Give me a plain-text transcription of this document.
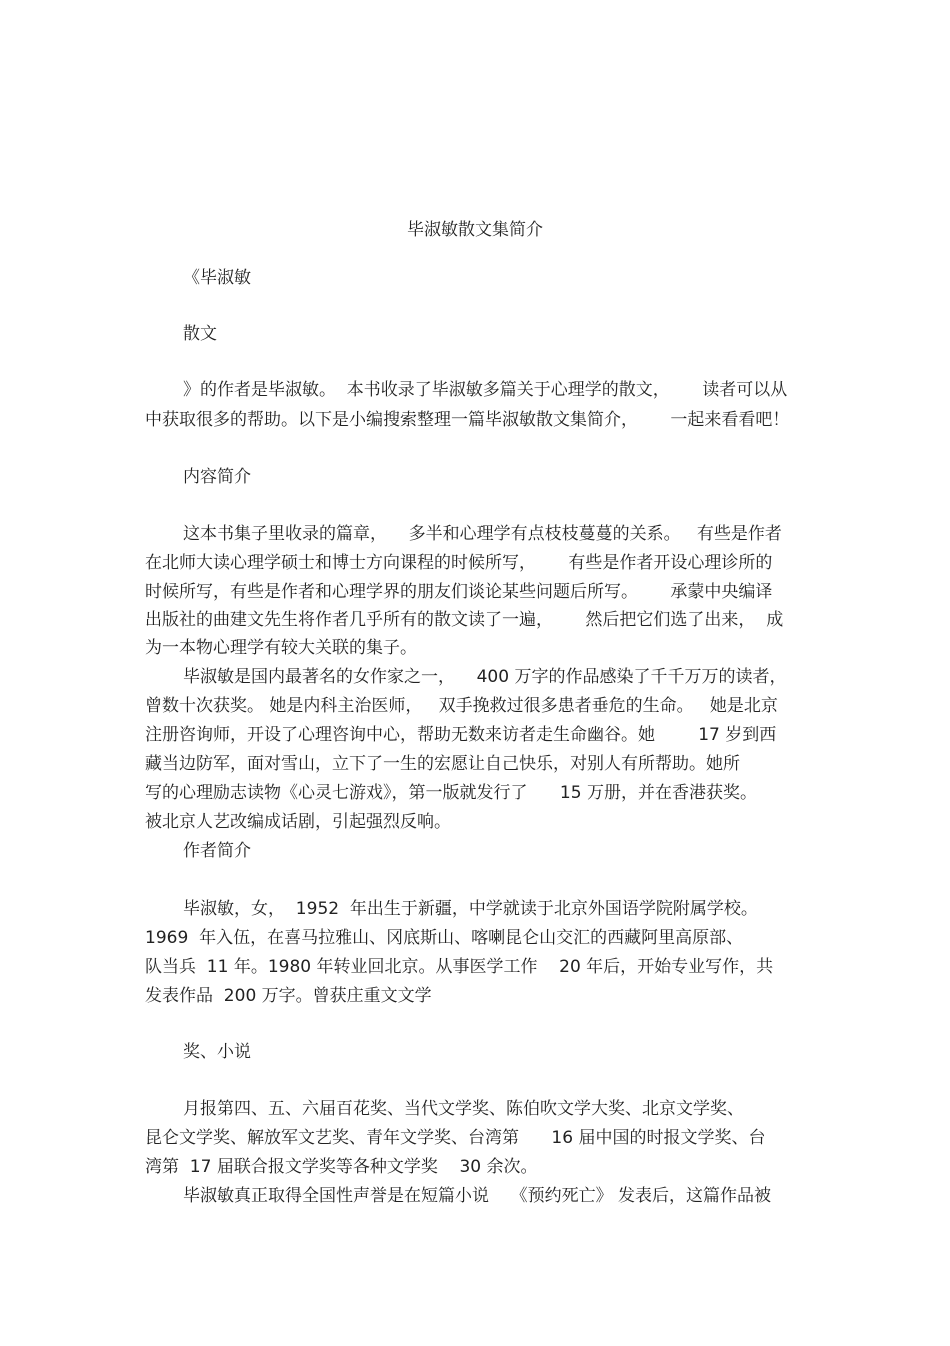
毕淑敏散文集简介
《毕淑敏
散文
》的作者是毕淑敏。  本书收录了毕淑敏多篇关于心理学的散文，      读者可以从
中获取很多的帮助。以下是小编搜索整理一篇毕淑敏散文集简介，      一起来看看吧！
内容简介
这本书集子里收录的篇章，    多半和心理学有点枝枝蔓蔓的关系。   有些是作者
在北师大读心理学硕士和博士方向课程的时候所写，      有些是作者开设心理诊所的
时候所写，有些是作者和心理学界的朋友们谈论某些问题后所写。      承蒙中央编译
出版社的曲建文先生将作者几乎所有的散文读了一遍，      然后把它们选了出来，  成
为一本物心理学有较大关联的集子。
毕淑敏是国内最著名的女作家之一，    400 万字的作品感染了千千万万的读者，
曾数十次获奖。 她是内科主治医师，   双手挽救过很多患者垂危的生命。   她是北京
注册咨询师，开设了心理咨询中心，帮助无数来访者走生命幽谷。她        17 岁到西
藏当边防军，面对雪山，立下了一生的宏愿让自己快乐，对别人有所帮助。她所
写的心理励志读物《心灵七游戏》，第一版就发行了      15 万册，并在香港获奖。
被北京人艺改编成话剧，引起强烈反响。
作者简介
毕淑敏，女，  1952  年出生于新疆，中学就读于北京外国语学院附属学校。
1969  年入伍，在喜马拉雅山、冈底斯山、喀喇昆仑山交汇的西藏阿里高原部、
队当兵  11 年。1980 年转业回北京。从事医学工作    20 年后，开始专业写作，共
发表作品  200 万字。曾获庄重文文学
奖、小说
月报第四、五、六届百花奖、当代文学奖、陈伯吹文学大奖、北京文学奖、
昆仑文学奖、解放军文艺奖、青年文学奖、台湾第      16 届中国的时报文学奖、台
湾第  17 届联合报文学奖等各种文学奖    30 余次。
毕淑敏真正取得全国性声誉是在短篇小说    《预约死亡》 发表后，这篇作品被
